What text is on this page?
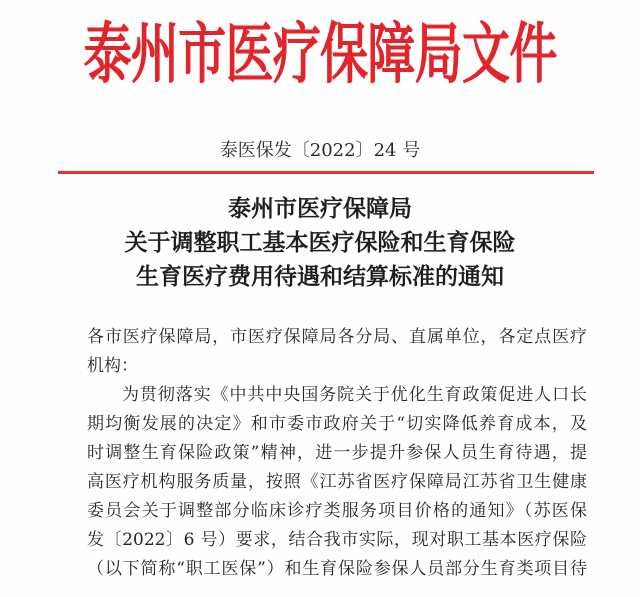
泰州市医疗保障局文件
泰医保发〔2022〕24 号
泰州市医疗保障局
关于调整职工基本医疗保险和生育保险
生育医疗费用待遇和结算标准的通知
各市医疗保障局，市医疗保障局各分局、直属单位，各定点医疗
机构：
为贯彻落实《中共中央国务院关于优化生育政策促进人口长
期均衡发展的决定》和市委市政府关于“切实降低养育成本，及
时调整生育保险政策”精神，进一步提升参保人员生育待遇，提
高医疗机构服务质量，按照《江苏省医疗保障局江苏省卫生健康
委员会关于调整部分临床诊疗类服务项目价格的通知》（苏医保
发〔2022〕6 号）要求，结合我市实际，现对职工基本医疗保险
（以下简称“职工医保”）和生育保险参保人员部分生育类项目待
